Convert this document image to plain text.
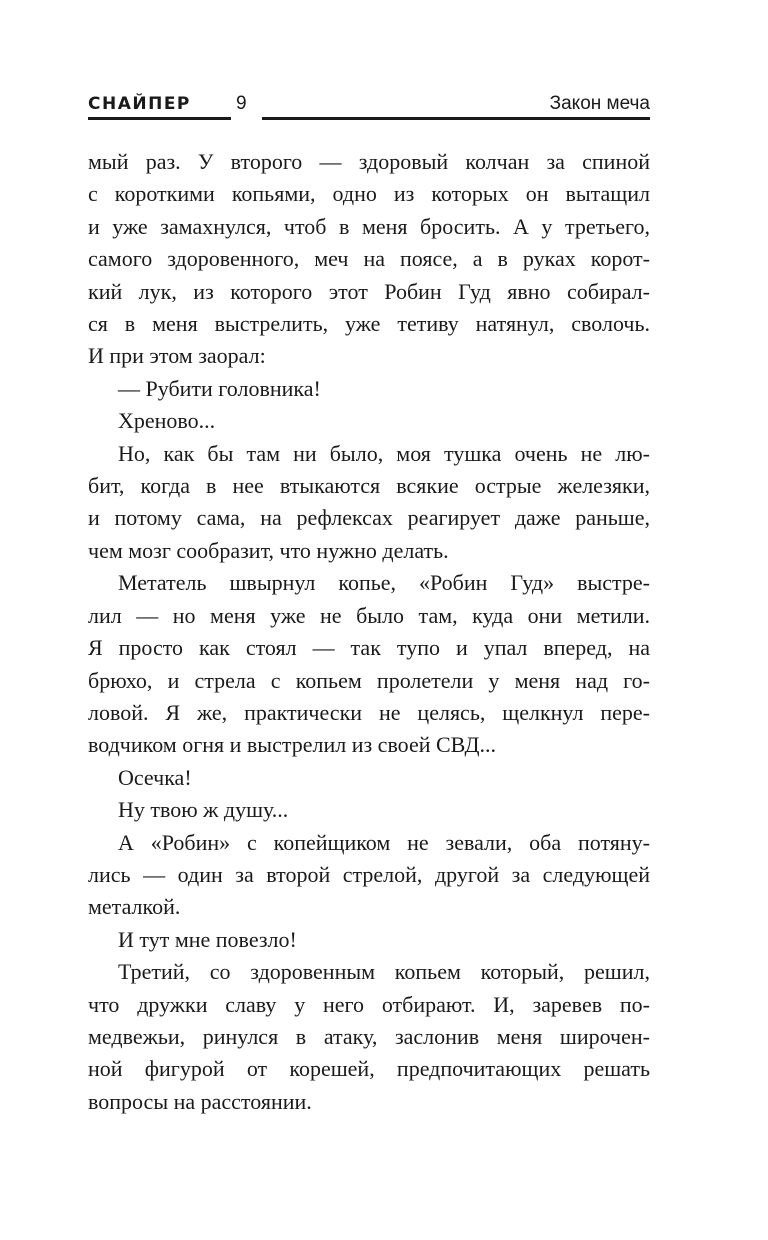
СНАЙПЕР 9	Закон меча
мый раз. У второго — здоровый колчан за спиной
с короткими копьями, одно из которых он вытащил
и уже замахнулся, чтоб в меня бросить. А у третьего,
самого здоровенного, меч на поясе, а в руках корот-
кий лук, из которого этот Робин Гуд явно собирал-
ся в меня выстрелить, уже тетиву натянул, сволочь.
И при этом заорал:
— Рубити головника!
Хреново...
Но, как бы там ни было, моя тушка очень не лю-
бит, когда в нее втыкаются всякие острые железяки,
и потому сама, на рефлексах реагирует даже раньше,
чем мозг сообразит, что нужно делать.
Метатель швырнул копье, «Робин Гуд» выстре-
лил — но меня уже не было там, куда они метили.
Я просто как стоял — так тупо и упал вперед, на
брюхо, и стрела с копьем пролетели у меня над го-
ловой. Я же, практически не целясь, щелкнул пере-
водчиком огня и выстрелил из своей СВД...
Осечка!
Ну твою ж душу...
А «Робин» с копейщиком не зевали, оба потяну-
лись — один за второй стрелой, другой за следующей
металкой.
И тут мне повезло!
Третий, со здоровенным копьем который, решил,
что дружки славу у него отбирают. И, заревев по-
медвежьи, ринулся в атаку, заслонив меня широчен-
ной фигурой от корешей, предпочитающих решать
вопросы на расстоянии.
